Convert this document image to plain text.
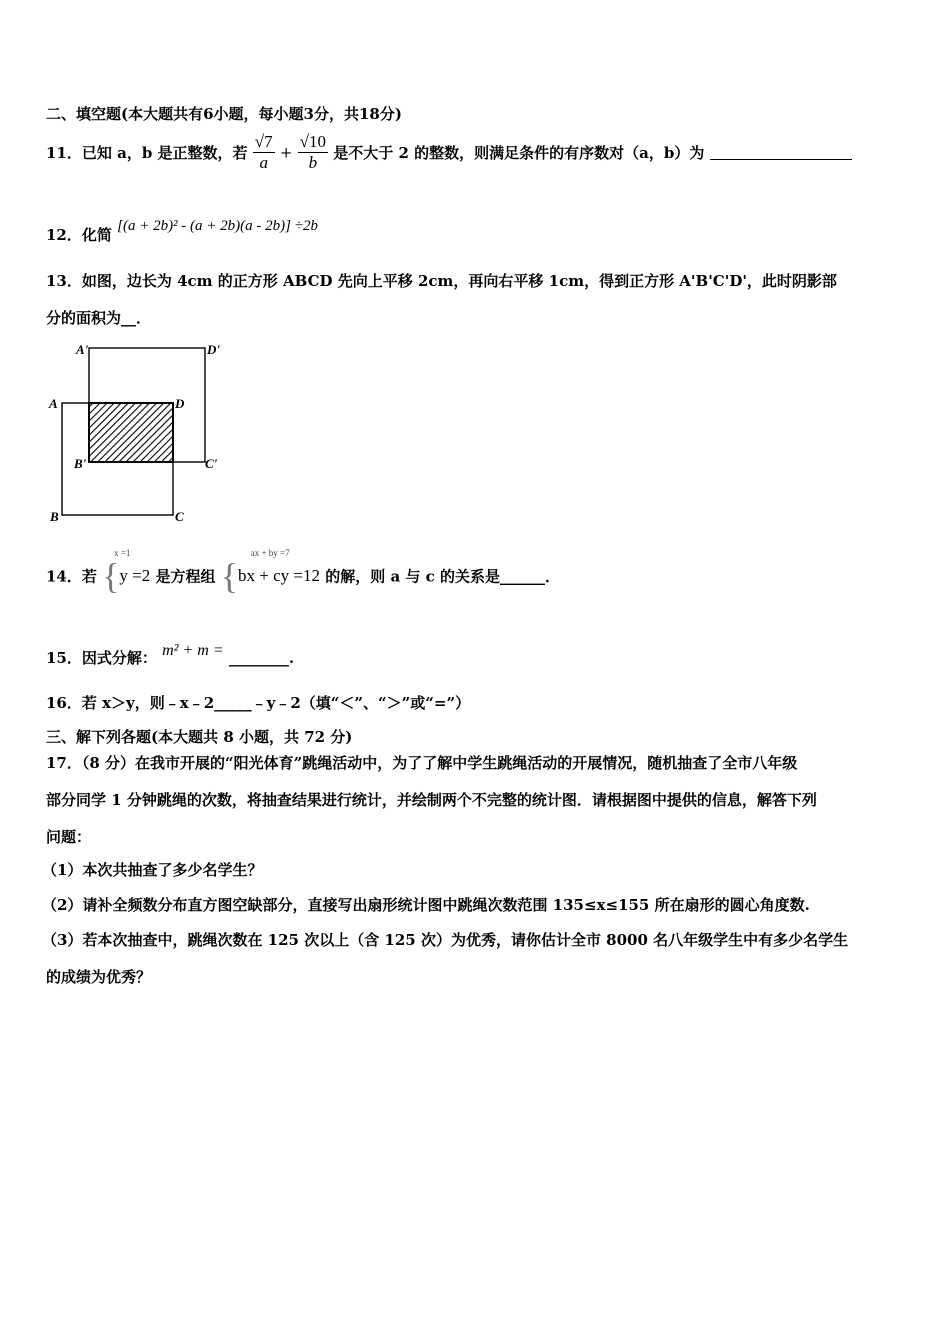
二、填空题(本大题共有6小题，每小题3分，共18分)
11．已知 a，b 是正整数，若 $\frac{√7}{a} + \frac{√10}{b}$ 是不大于 2 的整数，则满足条件的有序数对（a，b）为
12．化简 [(a + 2b)² - (a + 2b)(a - 2b)] ÷2b
13．如图，边长为 4cm 的正方形 ABCD 先向上平移 2cm，再向右平移 1cm，得到正方形 A'B'C'D'，此时阴影部
分的面积为__．
A'	D'
A	D
B'	C'
B	C
14．若
x =1
{y =2 是方程组
ax + by =7
{bx + cy =12 的解，则 a 与 c 的关系是______．
15．因式分解： m² + m = ________.
16．若 x＞y，则﹣x﹣2_____﹣y﹣2（填“＜”、“＞”或“=”）
三、解下列各题(本大题共 8 小题，共 72 分)
17．（8 分）在我市开展的“阳光体育”跳绳活动中，为了了解中学生跳绳活动的开展情况，随机抽查了全市八年级
部分同学 1 分钟跳绳的次数，将抽查结果进行统计，并绘制两个不完整的统计图．请根据图中提供的信息，解答下列
问题：
（1）本次共抽查了多少名学生？
（2）请补全频数分布直方图空缺部分，直接写出扇形统计图中跳绳次数范围 135≤x≤155 所在扇形的圆心角度数.
（3）若本次抽查中，跳绳次数在 125 次以上（含 125 次）为优秀，请你估计全市 8000 名八年级学生中有多少名学生
的成绩为优秀？
